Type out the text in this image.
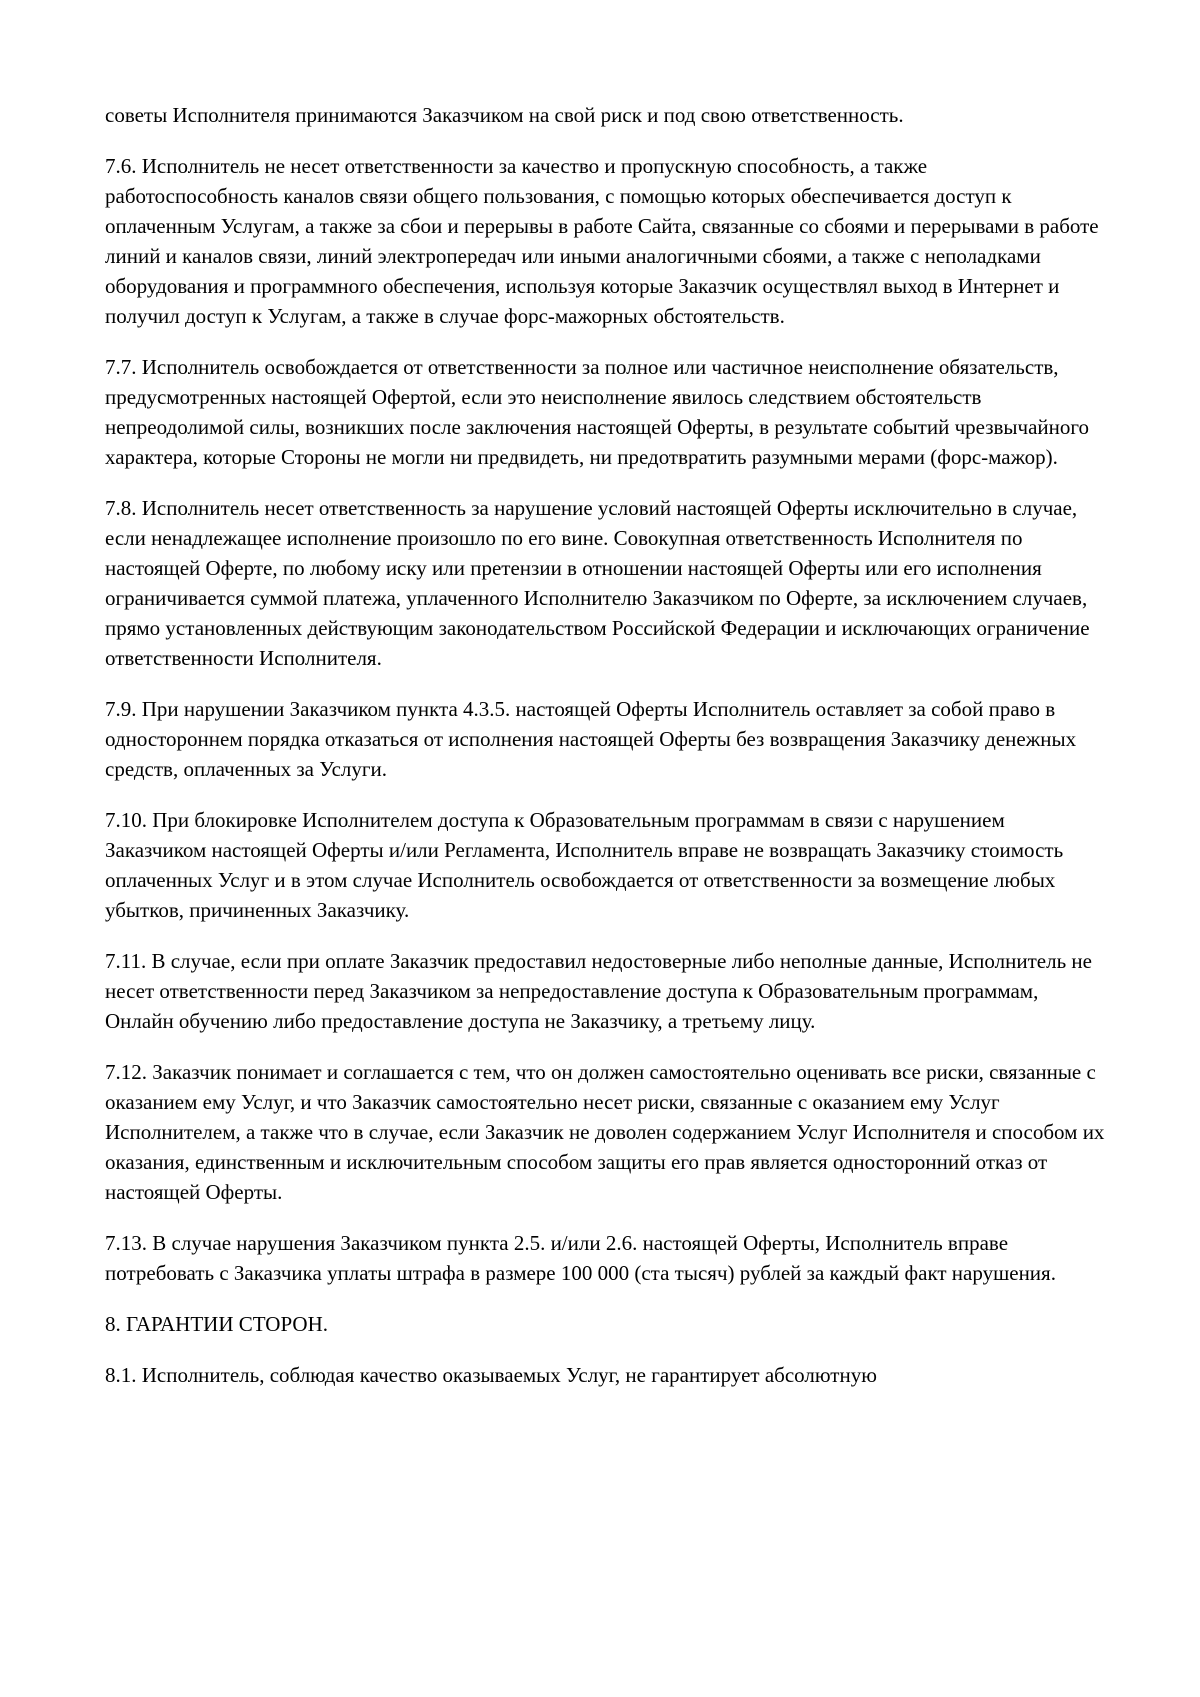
советы Исполнителя принимаются Заказчиком на свой риск и под свою ответственность.

7.6. Исполнитель не несет ответственности за качество и пропускную способность, а также работоспособность каналов связи общего пользования, с помощью которых обеспечивается доступ к оплаченным Услугам, а также за сбои и перерывы в работе Сайта, связанные со сбоями и перерывами в работе линий и каналов связи, линий электропередач или иными аналогичными сбоями, а также с неполадками оборудования и программного обеспечения, используя которые Заказчик осуществлял выход в Интернет и получил доступ к Услугам, а также в случае форс-мажорных обстоятельств.

7.7. Исполнитель освобождается от ответственности за полное или частичное неисполнение обязательств, предусмотренных настоящей Офертой, если это неисполнение явилось следствием обстоятельств непреодолимой силы, возникших после заключения настоящей Оферты, в результате событий чрезвычайного характера, которые Стороны не могли ни предвидеть, ни предотвратить разумными мерами (форс-мажор).

7.8. Исполнитель несет ответственность за нарушение условий настоящей Оферты исключительно в случае, если ненадлежащее исполнение произошло по его вине. Совокупная ответственность Исполнителя по настоящей Оферте, по любому иску или претензии в отношении настоящей Оферты или его исполнения ограничивается суммой платежа, уплаченного Исполнителю Заказчиком по Оферте, за исключением случаев, прямо установленных действующим законодательством Российской Федерации и исключающих ограничение ответственности Исполнителя.

7.9. При нарушении Заказчиком пункта 4.3.5. настоящей Оферты Исполнитель оставляет за собой право в одностороннем порядка отказаться от исполнения настоящей Оферты без возвращения Заказчику денежных средств, оплаченных за Услуги.

7.10. При блокировке Исполнителем доступа к Образовательным программам в связи с нарушением Заказчиком настоящей Оферты и/или Регламента, Исполнитель вправе не возвращать Заказчику стоимость оплаченных Услуг и в этом случае Исполнитель освобождается от ответственности за возмещение любых убытков, причиненных Заказчику.

7.11. В случае, если при оплате Заказчик предоставил недостоверные либо неполные данные, Исполнитель не несет ответственности перед Заказчиком за непредоставление доступа к Образовательным программам, Онлайн обучению либо предоставление доступа не Заказчику, а третьему лицу.

7.12. Заказчик понимает и соглашается с тем, что он должен самостоятельно оценивать все риски, связанные с оказанием ему Услуг, и что Заказчик самостоятельно несет риски, связанные с оказанием ему Услуг Исполнителем, а также что в случае, если Заказчик не доволен содержанием Услуг Исполнителя и способом их оказания, единственным и исключительным способом защиты его прав является односторонний отказ от настоящей Оферты.

7.13. В случае нарушения Заказчиком пункта 2.5. и/или 2.6. настоящей Оферты, Исполнитель вправе потребовать с Заказчика уплаты штрафа в размере 100 000 (ста тысяч) рублей за каждый факт нарушения.

8. ГАРАНТИИ СТОРОН.

8.1. Исполнитель, соблюдая качество оказываемых Услуг, не гарантирует абсолютную
